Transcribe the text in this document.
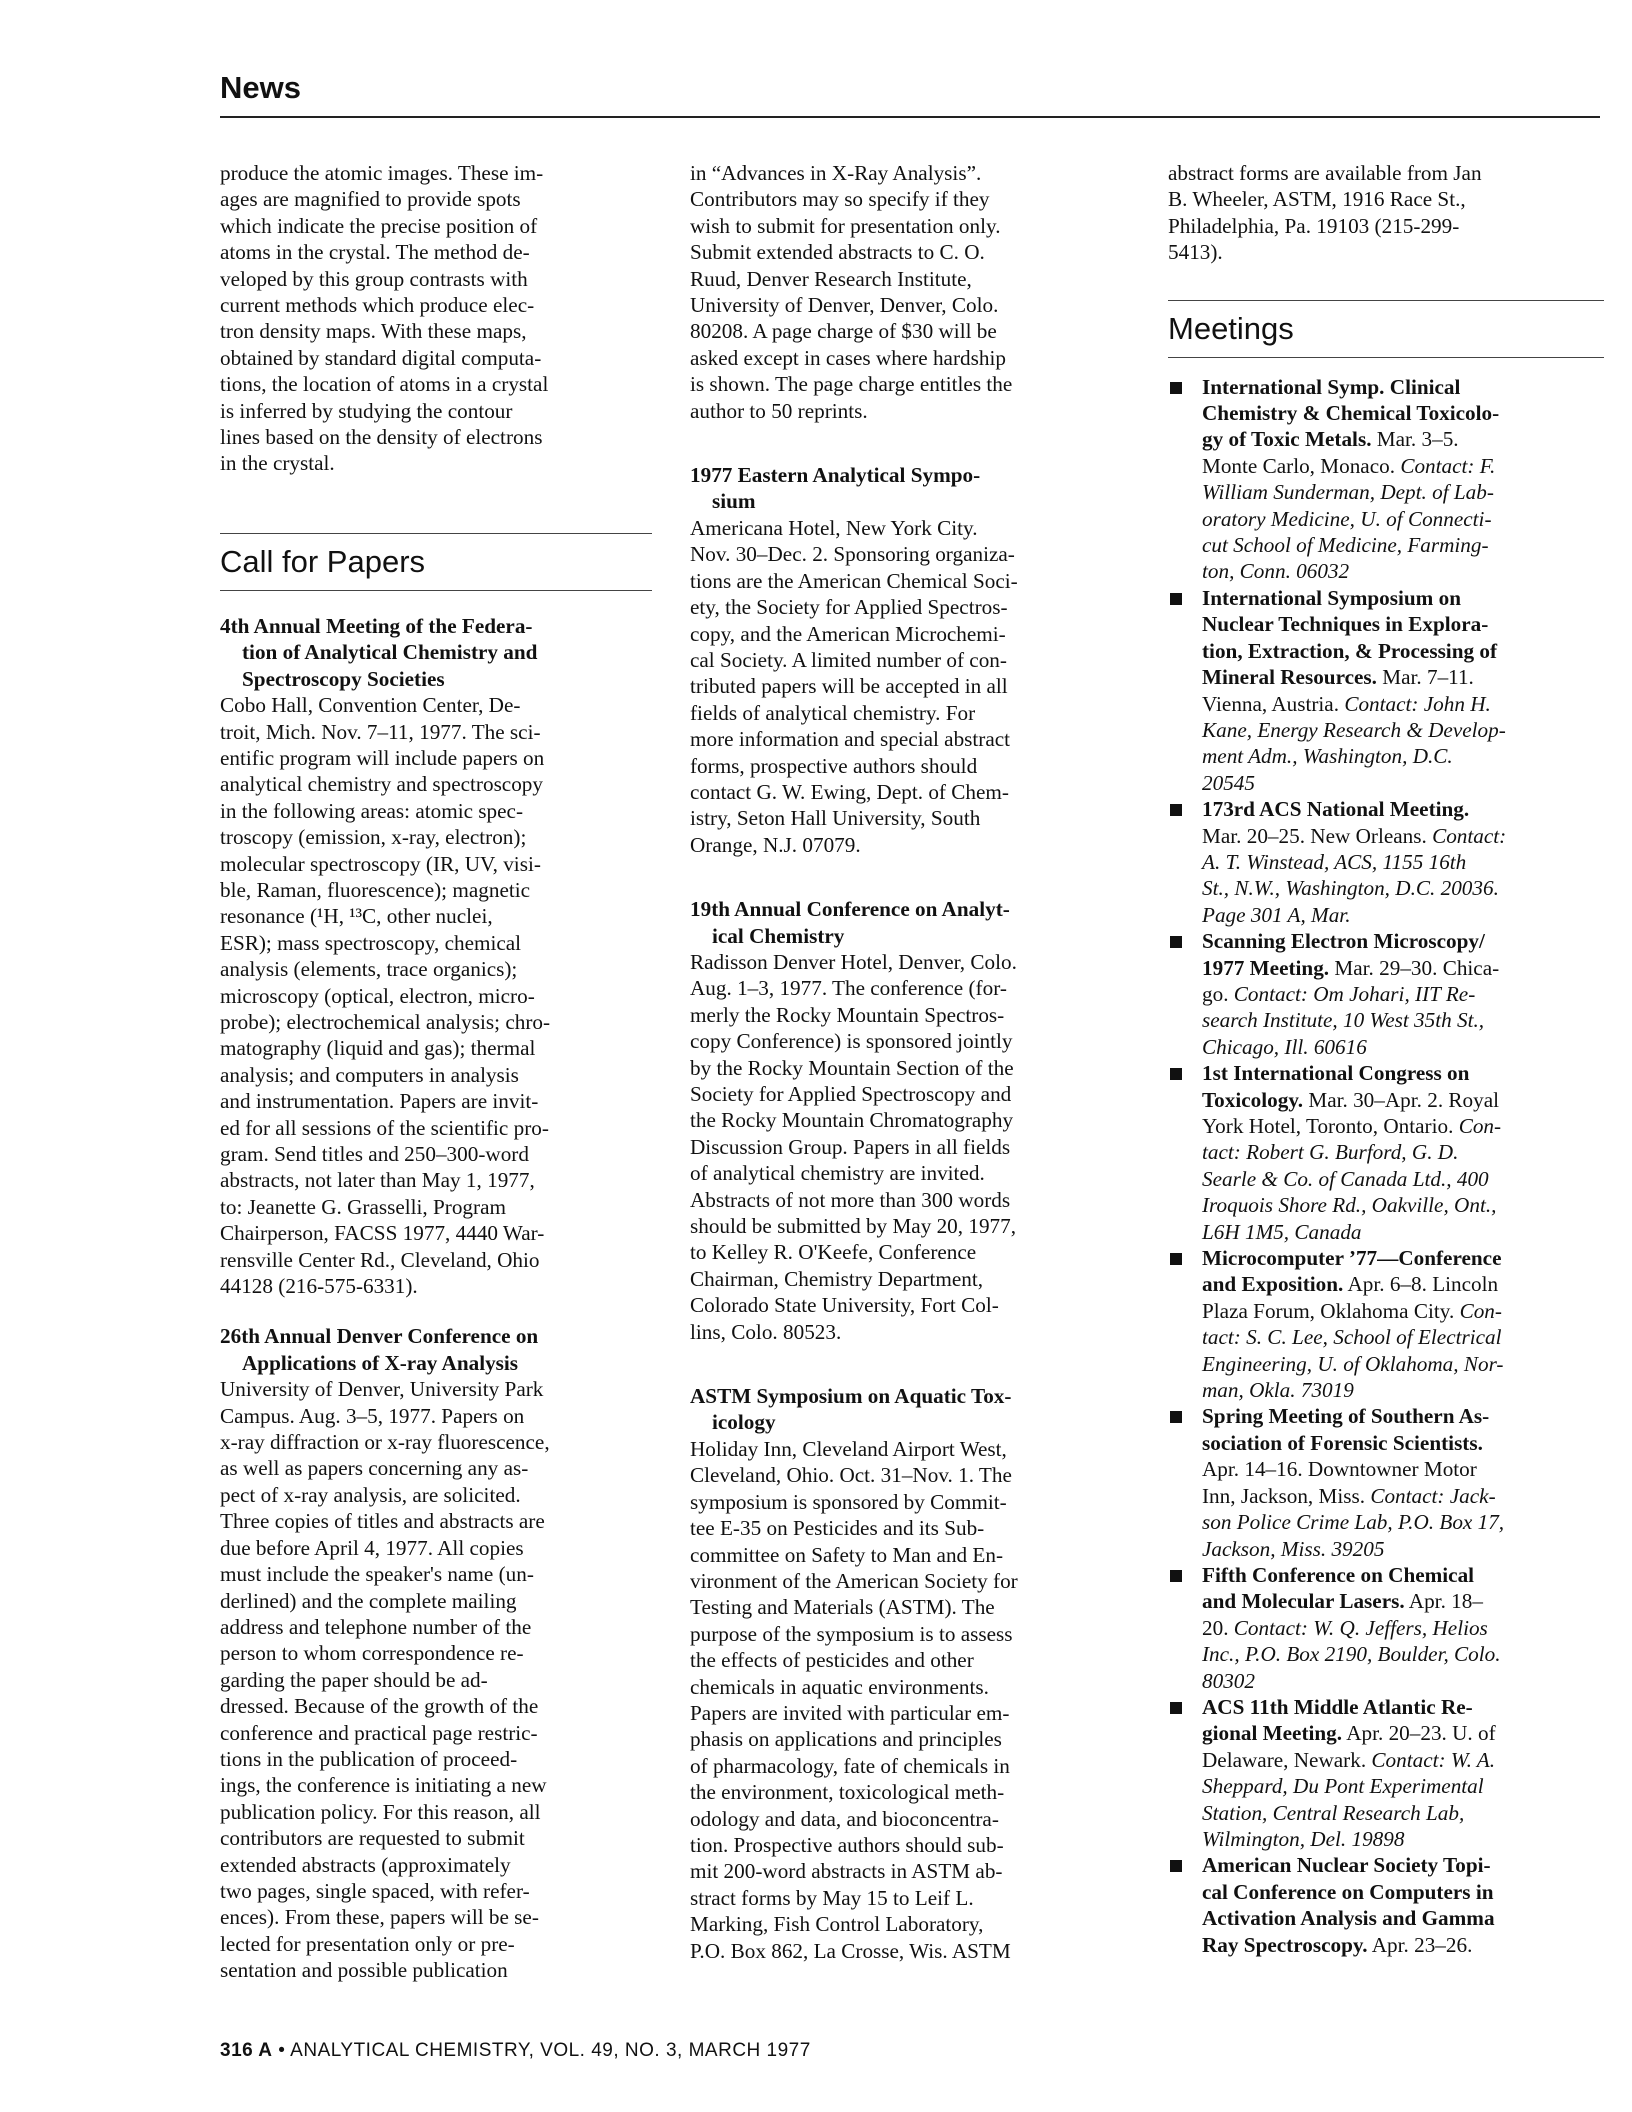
News
produce the atomic images. These im-
ages are magnified to provide spots
which indicate the precise position of
atoms in the crystal. The method de-
veloped by this group contrasts with
current methods which produce elec-
tron density maps. With these maps,
obtained by standard digital computa-
tions, the location of atoms in a crystal
is inferred by studying the contour
lines based on the density of electrons
in the crystal.
Call for Papers
4th Annual Meeting of the Federa-
tion of Analytical Chemistry and
Spectroscopy Societies
Cobo Hall, Convention Center, De-
troit, Mich. Nov. 7–11, 1977. The sci-
entific program will include papers on
analytical chemistry and spectroscopy
in the following areas: atomic spec-
troscopy (emission, x-ray, electron);
molecular spectroscopy (IR, UV, visi-
ble, Raman, fluorescence); magnetic
resonance (¹H, ¹³C, other nuclei,
ESR); mass spectroscopy, chemical
analysis (elements, trace organics);
microscopy (optical, electron, micro-
probe); electrochemical analysis; chro-
matography (liquid and gas); thermal
analysis; and computers in analysis
and instrumentation. Papers are invit-
ed for all sessions of the scientific pro-
gram. Send titles and 250–300-word
abstracts, not later than May 1, 1977,
to: Jeanette G. Grasselli, Program
Chairperson, FACSS 1977, 4440 War-
rensville Center Rd., Cleveland, Ohio
44128 (216-575-6331).
26th Annual Denver Conference on
Applications of X-ray Analysis
University of Denver, University Park
Campus. Aug. 3–5, 1977. Papers on
x-ray diffraction or x-ray fluorescence,
as well as papers concerning any as-
pect of x-ray analysis, are solicited.
Three copies of titles and abstracts are
due before April 4, 1977. All copies
must include the speaker's name (un-
derlined) and the complete mailing
address and telephone number of the
person to whom correspondence re-
garding the paper should be ad-
dressed. Because of the growth of the
conference and practical page restric-
tions in the publication of proceed-
ings, the conference is initiating a new
publication policy. For this reason, all
contributors are requested to submit
extended abstracts (approximately
two pages, single spaced, with refer-
ences). From these, papers will be se-
lected for presentation only or pre-
sentation and possible publication
in “Advances in X-Ray Analysis”.
Contributors may so specify if they
wish to submit for presentation only.
Submit extended abstracts to C. O.
Ruud, Denver Research Institute,
University of Denver, Denver, Colo.
80208. A page charge of $30 will be
asked except in cases where hardship
is shown. The page charge entitles the
author to 50 reprints.
1977 Eastern Analytical Sympo-
sium
Americana Hotel, New York City.
Nov. 30–Dec. 2. Sponsoring organiza-
tions are the American Chemical Soci-
ety, the Society for Applied Spectros-
copy, and the American Microchemi-
cal Society. A limited number of con-
tributed papers will be accepted in all
fields of analytical chemistry. For
more information and special abstract
forms, prospective authors should
contact G. W. Ewing, Dept. of Chem-
istry, Seton Hall University, South
Orange, N.J. 07079.
19th Annual Conference on Analyt-
ical Chemistry
Radisson Denver Hotel, Denver, Colo.
Aug. 1–3, 1977. The conference (for-
merly the Rocky Mountain Spectros-
copy Conference) is sponsored jointly
by the Rocky Mountain Section of the
Society for Applied Spectroscopy and
the Rocky Mountain Chromatography
Discussion Group. Papers in all fields
of analytical chemistry are invited.
Abstracts of not more than 300 words
should be submitted by May 20, 1977,
to Kelley R. O'Keefe, Conference
Chairman, Chemistry Department,
Colorado State University, Fort Col-
lins, Colo. 80523.
ASTM Symposium on Aquatic Tox-
icology
Holiday Inn, Cleveland Airport West,
Cleveland, Ohio. Oct. 31–Nov. 1. The
symposium is sponsored by Commit-
tee E-35 on Pesticides and its Sub-
committee on Safety to Man and En-
vironment of the American Society for
Testing and Materials (ASTM). The
purpose of the symposium is to assess
the effects of pesticides and other
chemicals in aquatic environments.
Papers are invited with particular em-
phasis on applications and principles
of pharmacology, fate of chemicals in
the environment, toxicological meth-
odology and data, and bioconcentra-
tion. Prospective authors should sub-
mit 200-word abstracts in ASTM ab-
stract forms by May 15 to Leif L.
Marking, Fish Control Laboratory,
P.O. Box 862, La Crosse, Wis. ASTM
abstract forms are available from Jan
B. Wheeler, ASTM, 1916 Race St.,
Philadelphia, Pa. 19103 (215-299-
5413).
Meetings
International Symp. Clinical
Chemistry & Chemical Toxicolo-
gy of Toxic Metals. Mar. 3–5.
Monte Carlo, Monaco. Contact: F.
William Sunderman, Dept. of Lab-
oratory Medicine, U. of Connecti-
cut School of Medicine, Farming-
ton, Conn. 06032
International Symposium on
Nuclear Techniques in Explora-
tion, Extraction, & Processing of
Mineral Resources. Mar. 7–11.
Vienna, Austria. Contact: John H.
Kane, Energy Research & Develop-
ment Adm., Washington, D.C.
20545
173rd ACS National Meeting.
Mar. 20–25. New Orleans. Contact:
A. T. Winstead, ACS, 1155 16th
St., N.W., Washington, D.C. 20036.
Page 301 A, Mar.
Scanning Electron Microscopy/
1977 Meeting. Mar. 29–30. Chica-
go. Contact: Om Johari, IIT Re-
search Institute, 10 West 35th St.,
Chicago, Ill. 60616
1st International Congress on
Toxicology. Mar. 30–Apr. 2. Royal
York Hotel, Toronto, Ontario. Con-
tact: Robert G. Burford, G. D.
Searle & Co. of Canada Ltd., 400
Iroquois Shore Rd., Oakville, Ont.,
L6H 1M5, Canada
Microcomputer ’77—Conference
and Exposition. Apr. 6–8. Lincoln
Plaza Forum, Oklahoma City. Con-
tact: S. C. Lee, School of Electrical
Engineering, U. of Oklahoma, Nor-
man, Okla. 73019
Spring Meeting of Southern As-
sociation of Forensic Scientists.
Apr. 14–16. Downtowner Motor
Inn, Jackson, Miss. Contact: Jack-
son Police Crime Lab, P.O. Box 17,
Jackson, Miss. 39205
Fifth Conference on Chemical
and Molecular Lasers. Apr. 18–
20. Contact: W. Q. Jeffers, Helios
Inc., P.O. Box 2190, Boulder, Colo.
80302
ACS 11th Middle Atlantic Re-
gional Meeting. Apr. 20–23. U. of
Delaware, Newark. Contact: W. A.
Sheppard, Du Pont Experimental
Station, Central Research Lab,
Wilmington, Del. 19898
American Nuclear Society Topi-
cal Conference on Computers in
Activation Analysis and Gamma
Ray Spectroscopy. Apr. 23–26.
316 A • ANALYTICAL CHEMISTRY, VOL. 49, NO. 3, MARCH 1977
